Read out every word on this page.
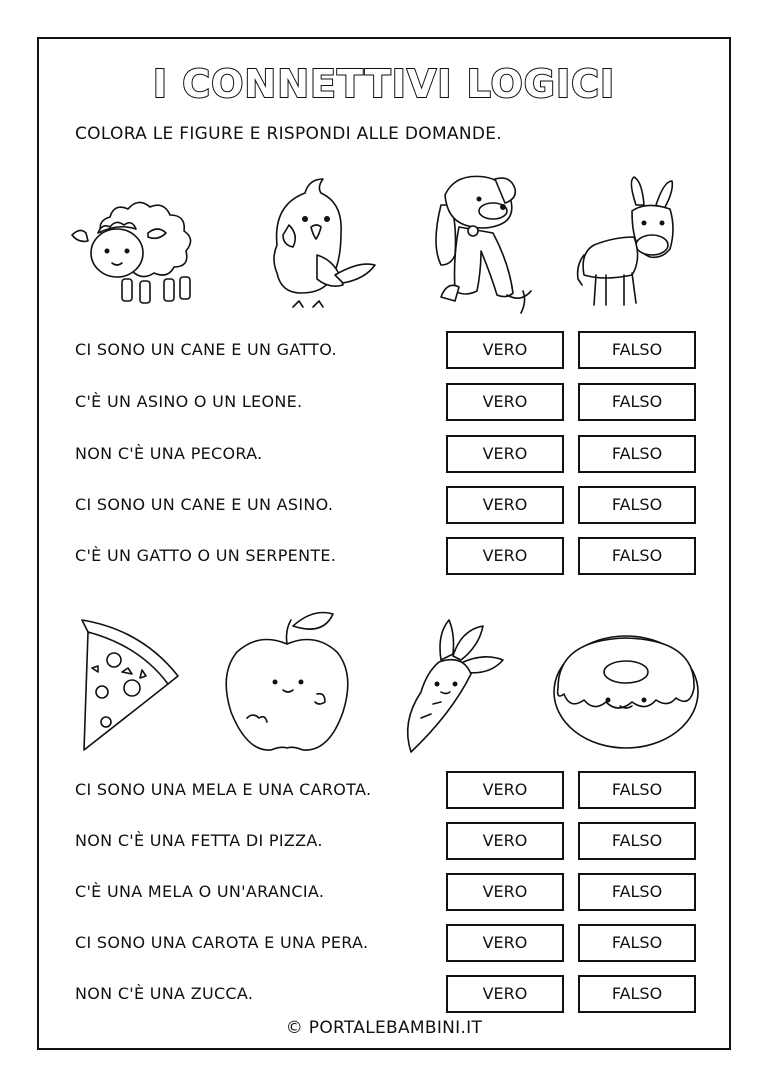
I CONNETTIVI LOGICI
COLORA LE FIGURE E RISPONDI ALLE DOMANDE.
CI SONO UN CANE E UN GATTO.	VERO	FALSO
C'È UN ASINO O UN LEONE.	VERO	FALSO
NON C'È UNA PECORA.	VERO	FALSO
CI SONO UN CANE E UN ASINO.	VERO	FALSO
C'È UN GATTO O UN SERPENTE.	VERO	FALSO
CI SONO UNA MELA E UNA CAROTA.	VERO	FALSO
NON C'È UNA FETTA DI PIZZA.	VERO	FALSO
C'È UNA MELA O UN'ARANCIA.	VERO	FALSO
CI SONO UNA CAROTA E UNA PERA.	VERO	FALSO
NON C'È UNA ZUCCA.	VERO	FALSO
© PORTALEBAMBINI.IT
